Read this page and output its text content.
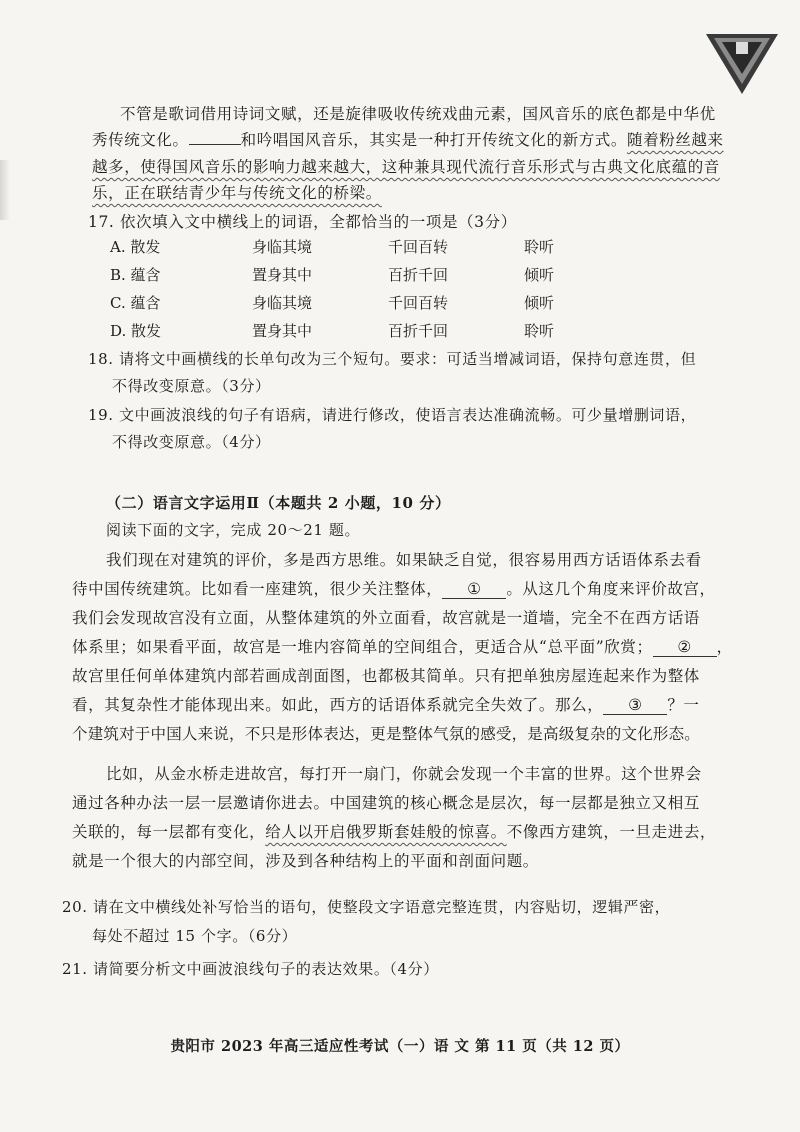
不管是歌词借用诗词文赋，还是旋律吸收传统戏曲元素，国风音乐的底色都是中华优
秀传统文化。	和吟唱国风音乐，其实是一种打开传统文化的新方式。随着粉丝越来
越多，使得国风音乐的影响力越来越大，这种兼具现代流行音乐形式与古典文化底蕴的音
乐，正在联结青少年与传统文化的桥梁。
17. 依次填入文中横线上的词语，全都恰当的一项是（3分）
A. 散发	身临其境	千回百转	聆听
B. 蕴含	置身其中	百折千回	倾听
C. 蕴含	身临其境	千回百转	倾听
D. 散发	置身其中	百折千回	聆听
18. 请将文中画横线的长单句改为三个短句。要求：可适当增减词语，保持句意连贯，但
不得改变原意。（3分）
19. 文中画波浪线的句子有语病，请进行修改，使语言表达准确流畅。可少量增删词语，
不得改变原意。（4分）
（二）语言文字运用Ⅱ（本题共 2 小题，10 分）
阅读下面的文字，完成 20～21 题。
我们现在对建筑的评价，多是西方思维。如果缺乏自觉，很容易用西方话语体系去看
待中国传统建筑。比如看一座建筑，很少关注整体， ① 。从这几个角度来评价故宫，
我们会发现故宫没有立面，从整体建筑的外立面看，故宫就是一道墙，完全不在西方话语
体系里；如果看平面，故宫是一堆内容简单的空间组合，更适合从“总平面”欣赏； ② ，
故宫里任何单体建筑内部若画成剖面图，也都极其简单。只有把单独房屋连起来作为整体
看，其复杂性才能体现出来。如此，西方的话语体系就完全失效了。那么， ③ ？一
个建筑对于中国人来说，不只是形体表达，更是整体气氛的感受，是高级复杂的文化形态。
比如，从金水桥走进故宫，每打开一扇门，你就会发现一个丰富的世界。这个世界会
通过各种办法一层一层邀请你进去。中国建筑的核心概念是层次，每一层都是独立又相互
关联的，每一层都有变化，给人以开启俄罗斯套娃般的惊喜。不像西方建筑，一旦走进去，
就是一个很大的内部空间，涉及到各种结构上的平面和剖面问题。
20. 请在文中横线处补写恰当的语句，使整段文字语意完整连贯，内容贴切，逻辑严密，
每处不超过 15 个字。（6分）
21. 请简要分析文中画波浪线句子的表达效果。（4分）
贵阳市 2023 年高三适应性考试（一）语 文 第 11 页（共 12 页）
